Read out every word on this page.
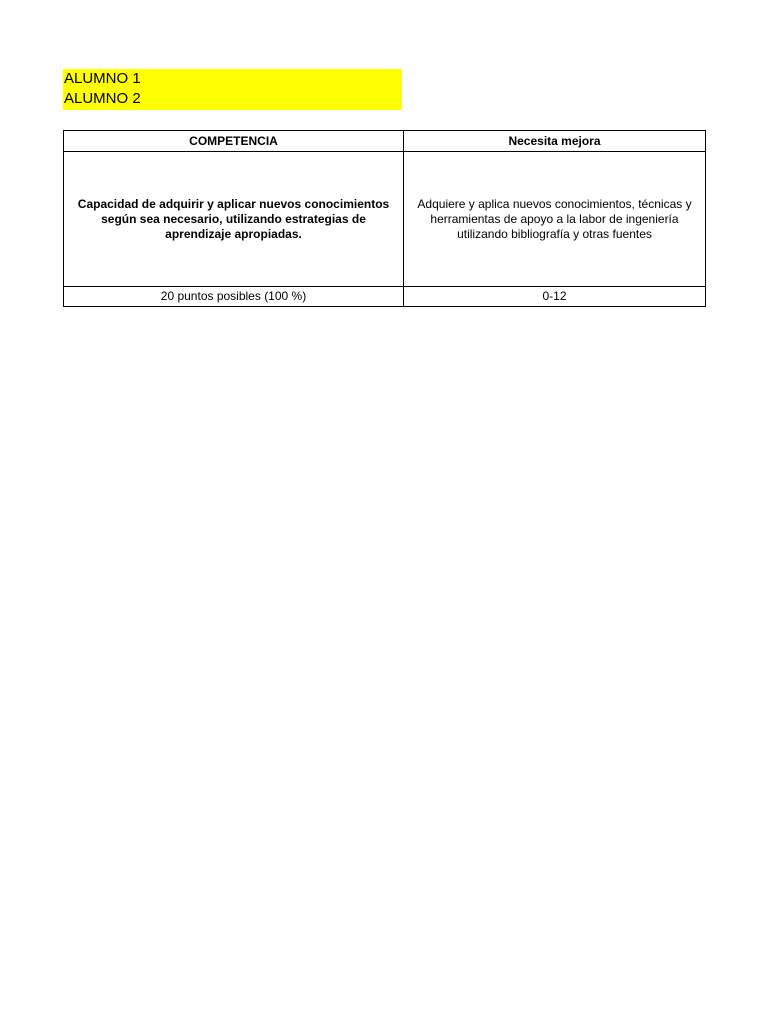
ALUMNO 1
ALUMNO 2
COMPETENCIA	Necesita mejora
Capacidad de adquirir y aplicar nuevos conocimientos según sea necesario, utilizando estrategias de aprendizaje apropiadas.	Adquiere y aplica nuevos conocimientos, técnicas y herramientas de apoyo a la labor de ingeniería utilizando bibliografía y otras fuentes
20 puntos posibles (100 %)	0-12
